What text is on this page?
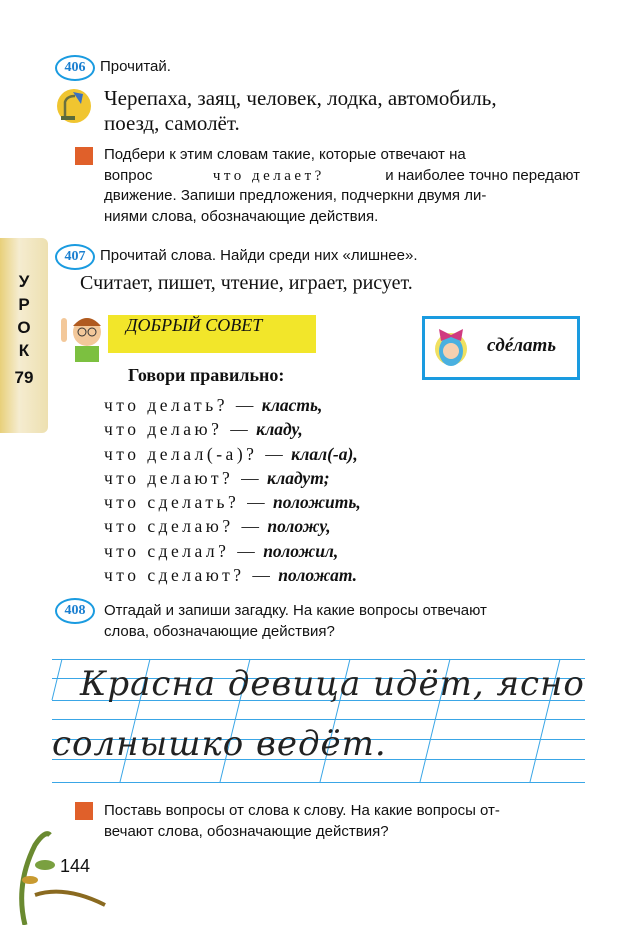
406 Прочитай.
Черепаха, заяц, человек, лодка, автомобиль,
поезд, самолёт.
Подбери к этим словам такие, которые отвечают на
вопрос	что делает?	и наиболее точно передают
движение. Запиши предложения, подчеркни двумя ли-
ниями слова, обозначающие действия.
У
Р
О
К
79
407 Прочитай слова. Найди среди них «лишнее».
Считает, пишет, чтение, играет, рисует.
ДОБРЫЙ СОВЕТ
сдéлать
Говори правильно:
что делать? — класть,
что делаю? — кладу,
что делал(-а)? — клал(-а),
что делают? — кладут;
что сделать? — положить,
что сделаю? — положу,
что сделал? — положил,
что сделают? — положат.
408	Отгадай и запиши загадку. На какие вопросы отвечают
слова, обозначающие действия?
Красна девица идёт, ясно
солнышко ведёт.
Поставь вопросы от слова к слову. На какие вопросы от-
вечают слова, обозначающие действия?
144
